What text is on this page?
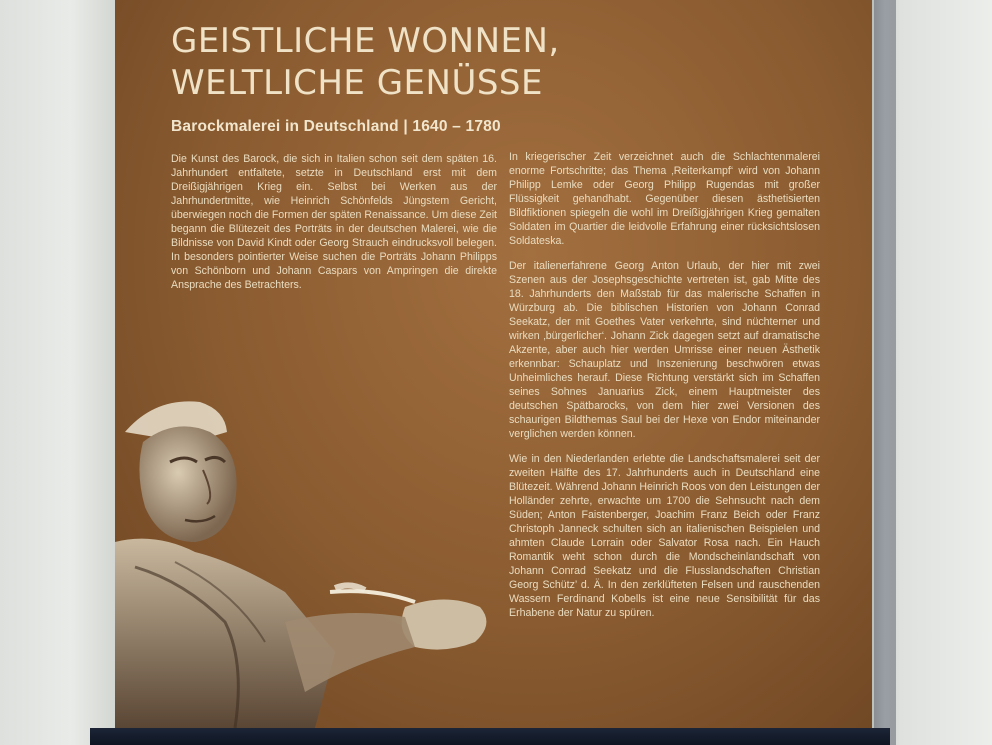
GEISTLICHE WONNEN,
WELTLICHE GENÜSSE
Barockmalerei in Deutschland | 1640 – 1780

Die Kunst des Barock, die sich in Italien schon seit dem späten 16. Jahrhundert entfaltete, setzte in Deutschland erst mit dem Dreißigjährigen Krieg ein. Selbst bei Werken aus der Jahrhundertmitte, wie Heinrich Schönfelds Jüngstem Gericht, überwiegen noch die Formen der späten Renaissance. Um diese Zeit begann die Blütezeit des Porträts in der deutschen Malerei, wie die Bildnisse von David Kindt oder Georg Strauch eindrucksvoll belegen. In besonders pointierter Weise suchen die Porträts Johann Philipps von Schönborn und Johann Caspars von Ampringen die direkte Ansprache des Betrachters.

In kriegerischer Zeit verzeichnet auch die Schlachtenmalerei enorme Fortschritte; das Thema ‚Reiterkampf‘ wird von Johann Philipp Lemke oder Georg Philipp Rugendas mit großer Flüssigkeit gehandhabt. Gegenüber diesen ästhetisierten Bildfiktionen spiegeln die wohl im Dreißigjährigen Krieg gemalten Soldaten im Quartier die leidvolle Erfahrung einer rücksichtslosen Soldateska.

Der italienerfahrene Georg Anton Urlaub, der hier mit zwei Szenen aus der Josephsgeschichte vertreten ist, gab Mitte des 18. Jahrhunderts den Maßstab für das malerische Schaffen in Würzburg ab. Die biblischen Historien von Johann Conrad Seekatz, der mit Goethes Vater verkehrte, sind nüchterner und wirken ‚bürgerlicher‘. Johann Zick dagegen setzt auf dramatische Akzente, aber auch hier werden Umrisse einer neuen Ästhetik erkennbar: Schauplatz und Inszenierung beschwören etwas Unheimliches herauf. Diese Richtung verstärkt sich im Schaffen seines Sohnes Januarius Zick, einem Hauptmeister des deutschen Spätbarocks, von dem hier zwei Versionen des schaurigen Bildthemas Saul bei der Hexe von Endor miteinander verglichen werden können.

Wie in den Niederlanden erlebte die Landschaftsmalerei seit der zweiten Hälfte des 17. Jahrhunderts auch in Deutschland eine Blütezeit. Während Johann Heinrich Roos von den Leistungen der Holländer zehrte, erwachte um 1700 die Sehnsucht nach dem Süden; Anton Faistenberger, Joachim Franz Beich oder Franz Christoph Janneck schulten sich an italienischen Beispielen und ahmten Claude Lorrain oder Salvator Rosa nach. Ein Hauch Romantik weht schon durch die Mondscheinlandschaft von Johann Conrad Seekatz und die Flusslandschaften Christian Georg Schütz’ d. Ä. In den zerklüfteten Felsen und rauschenden Wassern Ferdinand Kobells ist eine neue Sensibilität für das Erhabene der Natur zu spüren.
